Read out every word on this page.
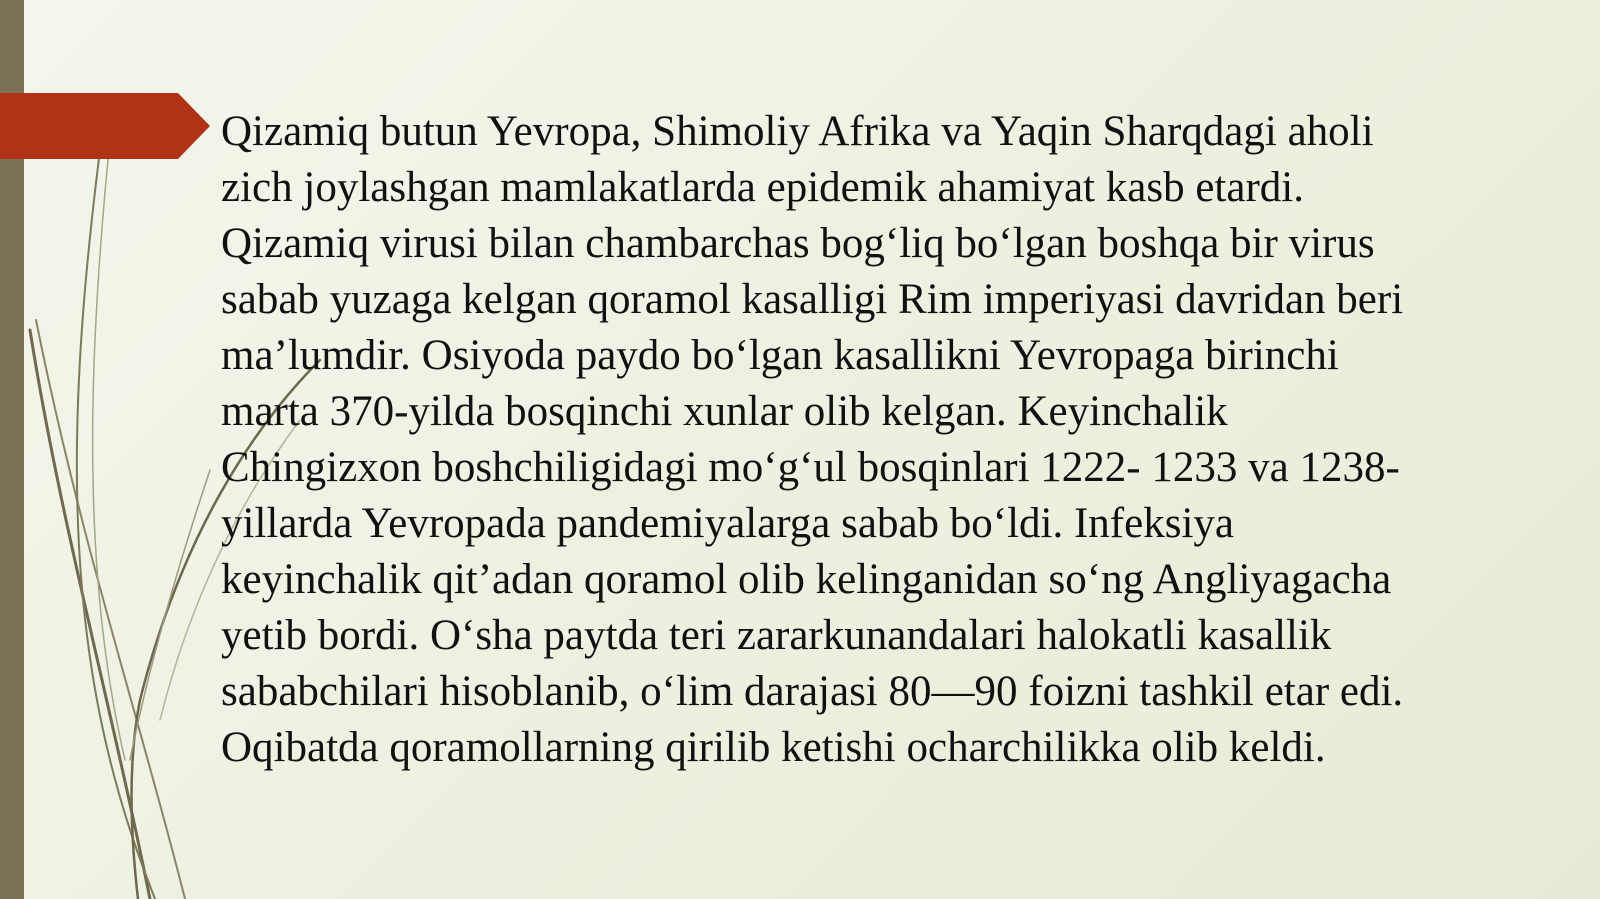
Qizamiq butun Yevropa, Shimoliy Afrika va Yaqin Sharqdagi aholi
zich joylashgan mamlakatlarda epidemik ahamiyat kasb etardi.
Qizamiq virusi bilan chambarchas bog‘liq bo‘lgan boshqa bir virus
sabab yuzaga kelgan qoramol kasalligi Rim imperiyasi davridan beri
ma’lumdir. Osiyoda paydo bo‘lgan kasallikni Yevropaga birinchi
marta 370-yilda bosqinchi xunlar olib kelgan. Keyinchalik
Chingizxon boshchiligidagi mo‘g‘ul bosqinlari 1222- 1233 va 1238-
yillarda Yevropada pandemiyalarga sabab bo‘ldi. Infeksiya
keyinchalik qit’adan qoramol olib kelinganidan so‘ng Angliyagacha
yetib bordi. O‘sha paytda teri zararkunandalari halokatli kasallik
sababchilari hisoblanib, o‘lim darajasi 80—90 foizni tashkil etar edi.
Oqibatda qoramollarning qirilib ketishi ocharchilikka olib keldi.
